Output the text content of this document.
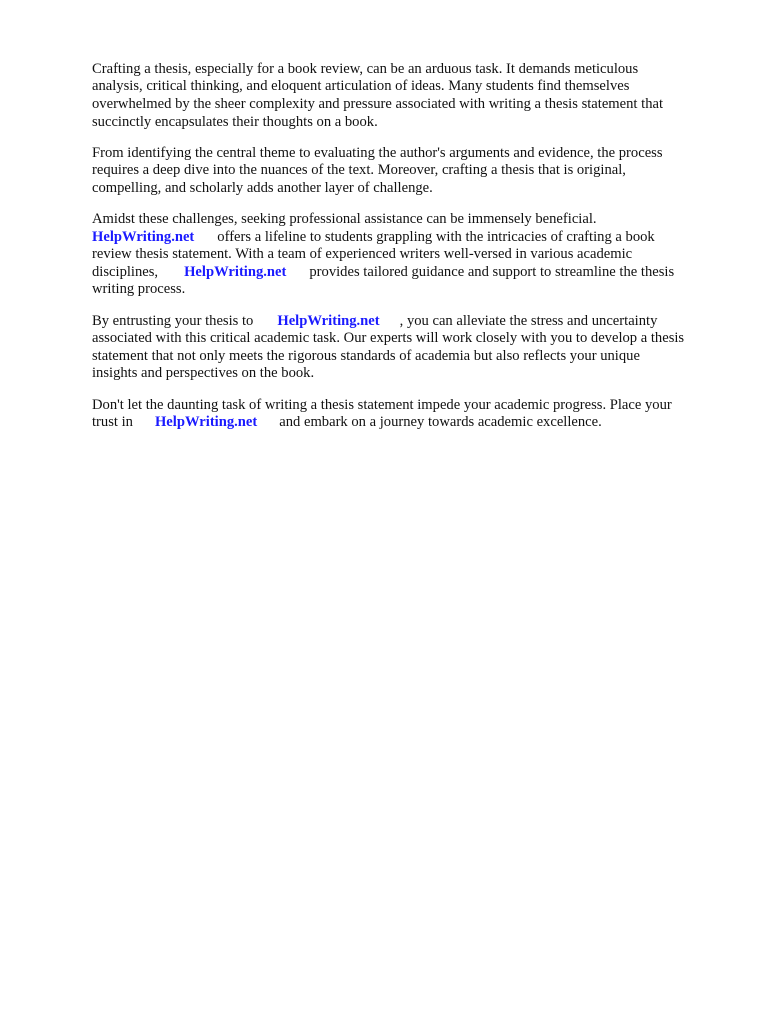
Crafting a thesis, especially for a book review, can be an arduous task. It demands meticulous
analysis, critical thinking, and eloquent articulation of ideas. Many students find themselves
overwhelmed by the sheer complexity and pressure associated with writing a thesis statement that
succinctly encapsulates their thoughts on a book.
From identifying the central theme to evaluating the author's arguments and evidence, the process
requires a deep dive into the nuances of the text. Moreover, crafting a thesis that is original,
compelling, and scholarly adds another layer of challenge.
Amidst these challenges, seeking professional assistance can be immensely beneficial.
HelpWriting.net offers a lifeline to students grappling with the intricacies of crafting a book
review thesis statement. With a team of experienced writers well-versed in various academic
disciplines, HelpWriting.net provides tailored guidance and support to streamline the thesis
writing process.
By entrusting your thesis to HelpWriting.net , you can alleviate the stress and uncertainty
associated with this critical academic task. Our experts will work closely with you to develop a thesis
statement that not only meets the rigorous standards of academia but also reflects your unique
insights and perspectives on the book.
Don't let the daunting task of writing a thesis statement impede your academic progress. Place your
trust in HelpWriting.net and embark on a journey towards academic excellence.
